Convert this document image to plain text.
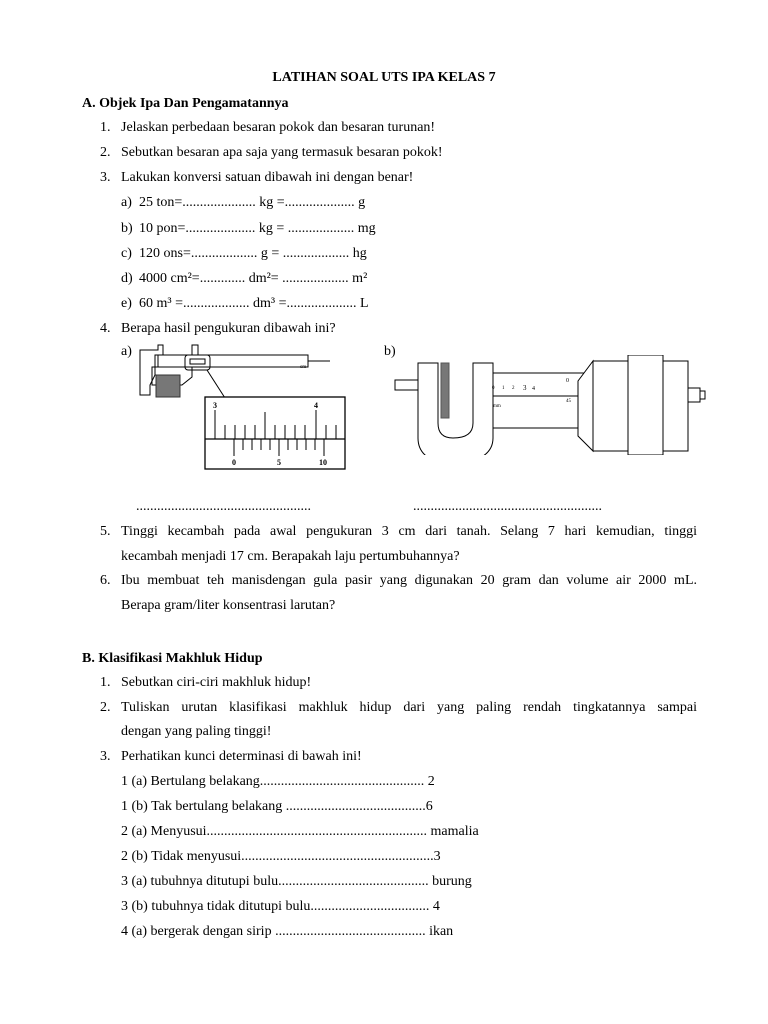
LATIHAN SOAL UTS IPA KELAS 7
A. Objek Ipa Dan Pengamatannya
1. Jelaskan perbedaan besaran pokok dan besaran turunan!
2. Sebutkan besaran apa saja yang termasuk besaran pokok!
3. Lakukan konversi satuan dibawah ini dengan benar!
a) 25 ton=..................... kg =.................... g
b) 10 pon=.................... kg = ................... mg
c) 120 ons=................... g = ................... hg
d) 4000 cm²=............. dm²= ................... m²
e) 60 m³ =................... dm³ =.................... L
4. Berapa hasil pengukuran dibawah ini?
a)	b)
cm
3	4
0	5	10
0 1 2 3 4
mm
0
45
..................................................	......................................................
5. Tinggi kecambah pada awal pengukuran 3 cm dari tanah. Selang 7 hari kemudian, tinggi
kecambah menjadi 17 cm. Berapakah laju pertumbuhannya?
6. Ibu membuat teh manisdengan gula pasir yang digunakan 20 gram dan volume air 2000 mL.
Berapa gram/liter konsentrasi larutan?
B. Klasifikasi Makhluk Hidup
1. Sebutkan ciri-ciri makhluk hidup!
2. Tuliskan urutan klasifikasi makhluk hidup dari yang paling rendah tingkatannya sampai
dengan yang paling tinggi!
3. Perhatikan kunci determinasi di bawah ini!
1 (a) Bertulang belakang............................................... 2
1 (b) Tak bertulang belakang ........................................6
2 (a) Menyusui............................................................... mamalia
2 (b) Tidak menyusui.......................................................3
3 (a) tubuhnya ditutupi bulu........................................... burung
3 (b) tubuhnya tidak ditutupi bulu.................................. 4
4 (a) bergerak dengan sirip ........................................... ikan
